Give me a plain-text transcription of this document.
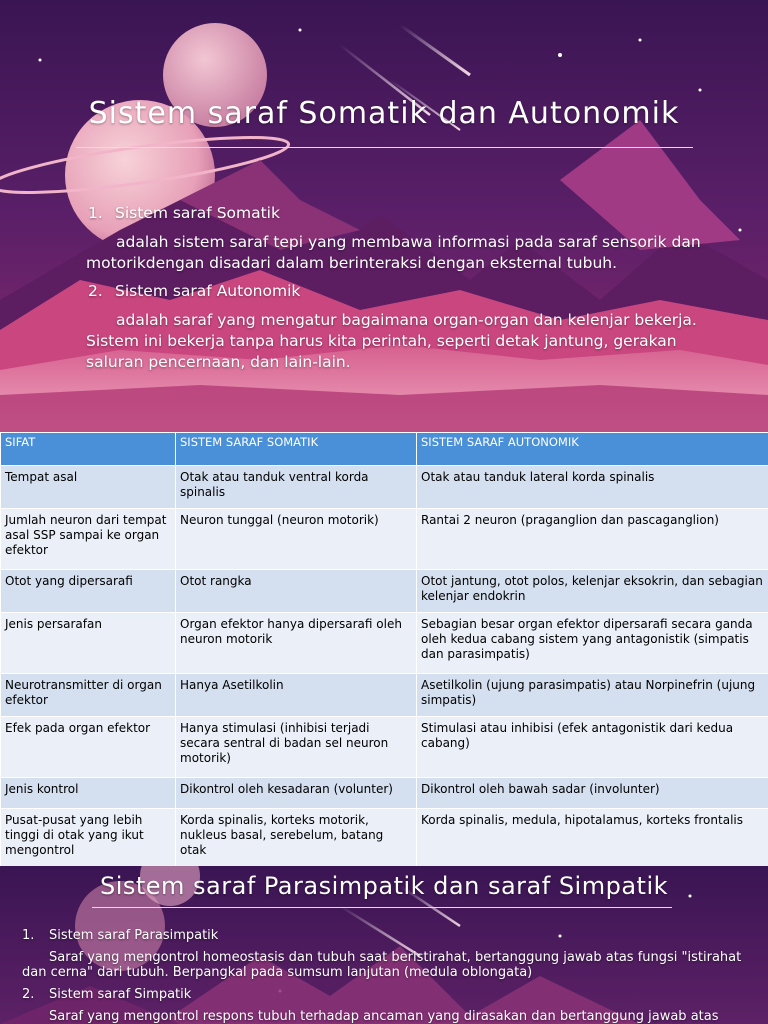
Sistem saraf Somatik dan Autonomik
1. Sistem saraf Somatik
adalah sistem saraf tepi yang membawa informasi pada saraf sensorik dan motorikdengan disadari dalam berinteraksi dengan eksternal tubuh.
2. Sistem saraf Autonomik
adalah saraf yang mengatur bagaimana organ-organ dan kelenjar bekerja. Sistem ini bekerja tanpa harus kita perintah, seperti detak jantung, gerakan saluran pencernaan, dan lain-lain.
SIFAT	SISTEM SARAF SOMATIK	SISTEM SARAF AUTONOMIK
Tempat asal	Otak atau tanduk ventral korda spinalis	Otak atau tanduk lateral korda spinalis
Jumlah neuron dari tempat asal SSP sampai ke organ efektor	Neuron tunggal (neuron motorik)	Rantai 2 neuron (praganglion dan pascaganglion)
Otot yang dipersarafi	Otot rangka	Otot jantung, otot polos, kelenjar eksokrin, dan sebagian kelenjar endokrin
Jenis persarafan	Organ efektor hanya dipersarafi oleh neuron motorik	Sebagian besar organ efektor dipersarafi secara ganda oleh kedua cabang sistem yang antagonistik (simpatis dan parasimpatis)
Neurotransmitter di organ efektor	Hanya Asetilkolin	Asetilkolin (ujung parasimpatis) atau Norpinefrin (ujung simpatis)
Efek pada organ efektor	Hanya stimulasi (inhibisi terjadi secara sentral di badan sel neuron motorik)	Stimulasi atau inhibisi (efek antagonistik dari kedua cabang)
Jenis kontrol	Dikontrol oleh kesadaran (volunter)	Dikontrol oleh bawah sadar (involunter)
Pusat-pusat yang lebih tinggi di otak yang ikut mengontrol	Korda spinalis, korteks motorik, nukleus basal, serebelum, batang otak	Korda spinalis, medula, hipotalamus, korteks frontalis
Sistem saraf Parasimpatik dan saraf Simpatik
1. Sistem saraf Parasimpatik
Saraf yang mengontrol homeostasis dan tubuh saat beristirahat, bertanggung jawab atas fungsi "istirahat dan cerna" dari tubuh. Berpangkal pada sumsum lanjutan (medula oblongata)
2. Sistem saraf Simpatik
Saraf yang mengontrol respons tubuh terhadap ancaman yang dirasakan dan bertanggung jawab atas
